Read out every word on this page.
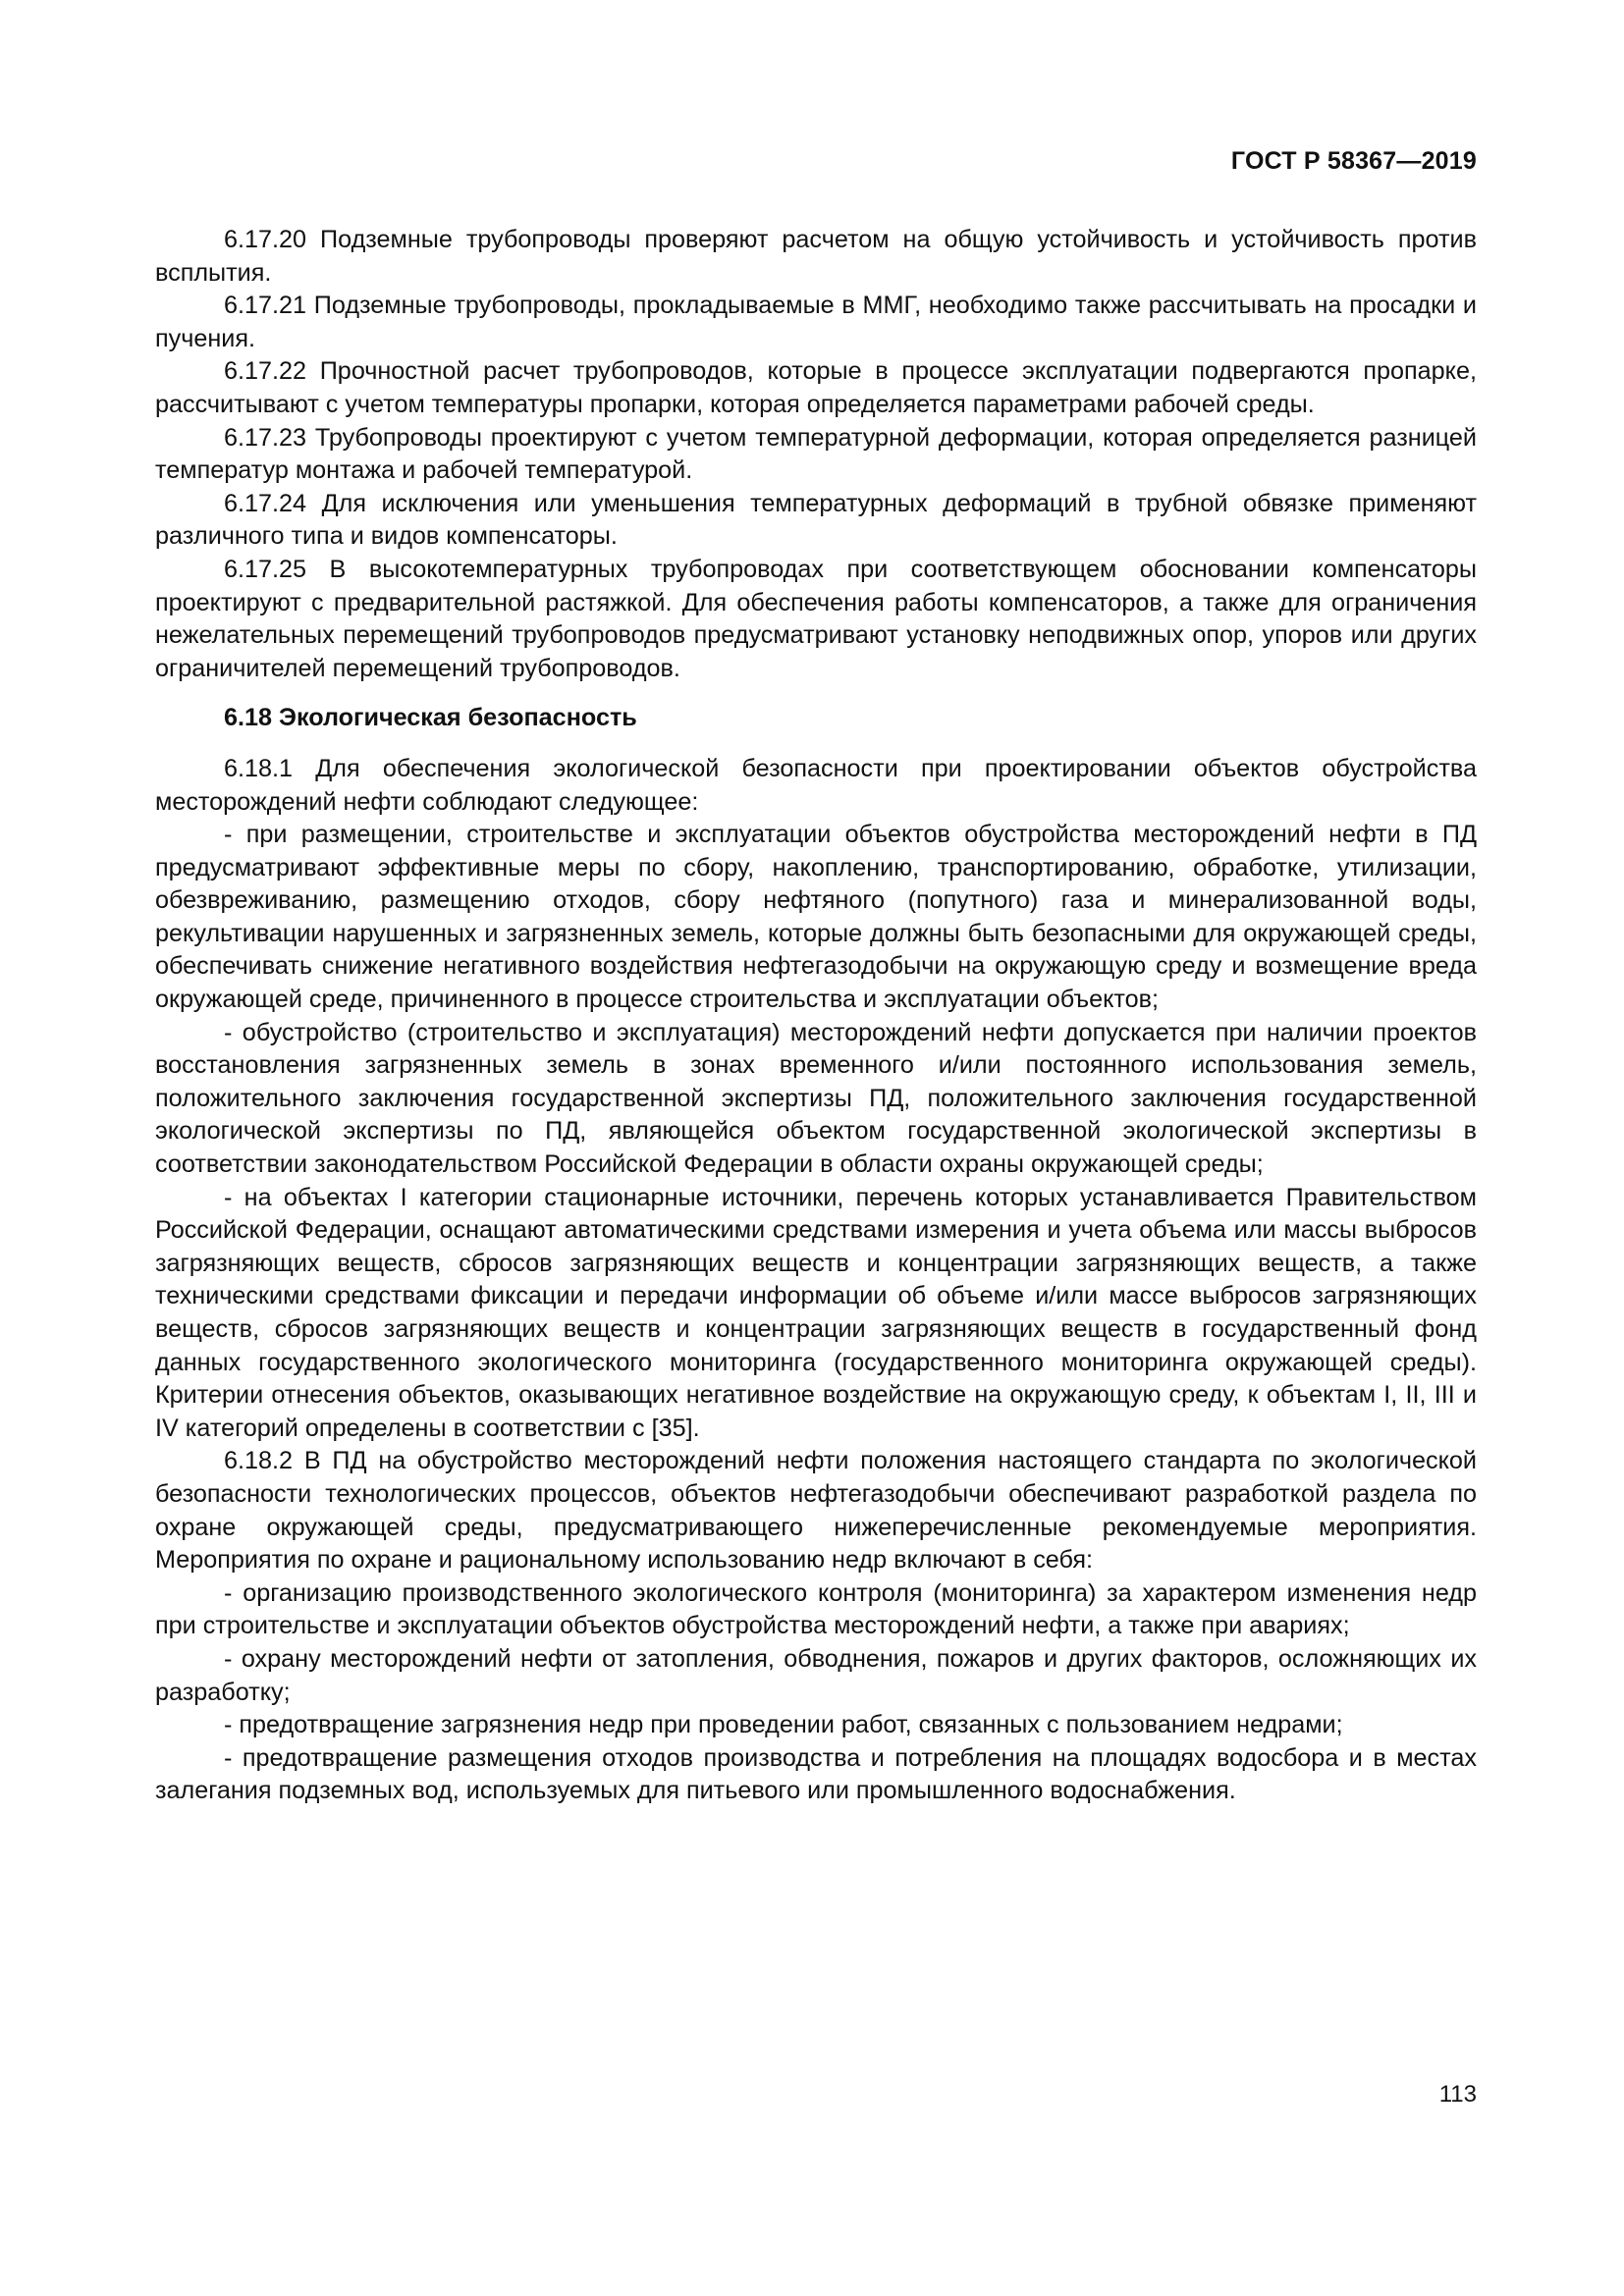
ГОСТ Р 58367—2019

6.17.20 Подземные трубопроводы проверяют расчетом на общую устойчивость и устойчивость против всплытия.

6.17.21 Подземные трубопроводы, прокладываемые в ММГ, необходимо также рассчитывать на просадки и пучения.

6.17.22 Прочностной расчет трубопроводов, которые в процессе эксплуатации подвергаются пропарке, рассчитывают с учетом температуры пропарки, которая определяется параметрами рабочей среды.

6.17.23 Трубопроводы проектируют с учетом температурной деформации, которая определяется разницей температур монтажа и рабочей температурой.

6.17.24 Для исключения или уменьшения температурных деформаций в трубной обвязке применяют различного типа и видов компенсаторы.

6.17.25 В высокотемпературных трубопроводах при соответствующем обосновании компенсаторы проектируют с предварительной растяжкой. Для обеспечения работы компенсаторов, а также для ограничения нежелательных перемещений трубопроводов предусматривают установку неподвижных опор, упоров или других ограничителей перемещений трубопроводов.

6.18 Экологическая безопасность

6.18.1 Для обеспечения экологической безопасности при проектировании объектов обустройства месторождений нефти соблюдают следующее:

- при размещении, строительстве и эксплуатации объектов обустройства месторождений нефти в ПД предусматривают эффективные меры по сбору, накоплению, транспортированию, обработке, утилизации, обезвреживанию, размещению отходов, сбору нефтяного (попутного) газа и минерализованной воды, рекультивации нарушенных и загрязненных земель, которые должны быть безопасными для окружающей среды, обеспечивать снижение негативного воздействия нефтегазодобычи на окружающую среду и возмещение вреда окружающей среде, причиненного в процессе строительства и эксплуатации объектов;

- обустройство (строительство и эксплуатация) месторождений нефти допускается при наличии проектов восстановления загрязненных земель в зонах временного и/или постоянного использования земель, положительного заключения государственной экспертизы ПД, положительного заключения государственной экологической экспертизы по ПД, являющейся объектом государственной экологической экспертизы в соответствии законодательством Российской Федерации в области охраны окружающей среды;

- на объектах I категории стационарные источники, перечень которых устанавливается Правительством Российской Федерации, оснащают автоматическими средствами измерения и учета объема или массы выбросов загрязняющих веществ, сбросов загрязняющих веществ и концентрации загрязняющих веществ, а также техническими средствами фиксации и передачи информации об объеме и/или массе выбросов загрязняющих веществ, сбросов загрязняющих веществ и концентрации загрязняющих веществ в государственный фонд данных государственного экологического мониторинга (государственного мониторинга окружающей среды). Критерии отнесения объектов, оказывающих негативное воздействие на окружающую среду, к объектам I, II, III и IV категорий определены в соответствии с [35].

6.18.2 В ПД на обустройство месторождений нефти положения настоящего стандарта по экологической безопасности технологических процессов, объектов нефтегазодобычи обеспечивают разработкой раздела по охране окружающей среды, предусматривающего нижеперечисленные рекомендуемые мероприятия. Мероприятия по охране и рациональному использованию недр включают в себя:

- организацию производственного экологического контроля (мониторинга) за характером изменения недр при строительстве и эксплуатации объектов обустройства месторождений нефти, а также при авариях;

- охрану месторождений нефти от затопления, обводнения, пожаров и других факторов, осложняющих их разработку;

- предотвращение загрязнения недр при проведении работ, связанных с пользованием недрами;

- предотвращение размещения отходов производства и потребления на площадях водосбора и в местах залегания подземных вод, используемых для питьевого или промышленного водоснабжения.

113
